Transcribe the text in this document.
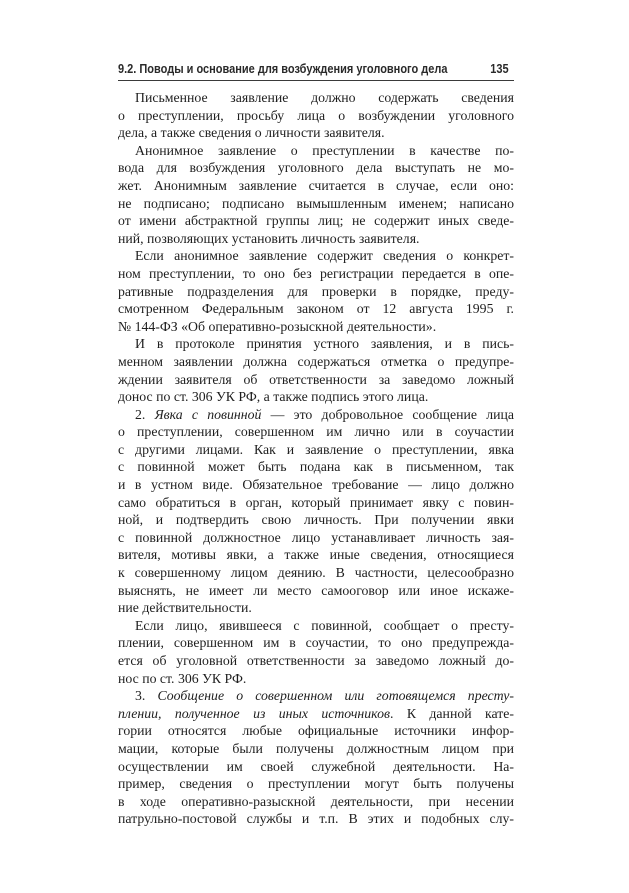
9.2. Поводы и основание для возбуждения уголовного дела	135
Письменное заявление должно содержать сведения
о преступлении, просьбу лица о возбуждении уголовного
дела, а также сведения о личности заявителя.
Анонимное заявление о преступлении в качестве по-
вода для возбуждения уголовного дела выступать не мо-
жет. Анонимным заявление считается в случае, если оно:
не подписано; подписано вымышленным именем; написано
от имени абстрактной группы лиц; не содержит иных сведе-
ний, позволяющих установить личность заявителя.
Если анонимное заявление содержит сведения о конкрет-
ном преступлении, то оно без регистрации передается в опе-
ративные подразделения для проверки в порядке, преду-
смотренном Федеральным законом от 12 августа 1995 г.
№ 144-ФЗ «Об оперативно-розыскной деятельности».
И в протоколе принятия устного заявления, и в пись-
менном заявлении должна содержаться отметка о предупре-
ждении заявителя об ответственности за заведомо ложный
донос по ст. 306 УК РФ, а также подпись этого лица.
2. Явка с повинной — это добровольное сообщение лица
о преступлении, совершенном им лично или в соучастии
с другими лицами. Как и заявление о преступлении, явка
с повинной может быть подана как в письменном, так
и в устном виде. Обязательное требование — лицо должно
само обратиться в орган, который принимает явку с повин-
ной, и подтвердить свою личность. При получении явки
с повинной должностное лицо устанавливает личность зая-
вителя, мотивы явки, а также иные сведения, относящиеся
к совершенному лицом деянию. В частности, целесообразно
выяснять, не имеет ли место самооговор или иное искаже-
ние действительности.
Если лицо, явившееся с повинной, сообщает о престу-
плении, совершенном им в соучастии, то оно предупрежда-
ется об уголовной ответственности за заведомо ложный до-
нос по ст. 306 УК РФ.
3. Сообщение о совершенном или готовящемся престу-
плении, полученное из иных источников. К данной кате-
гории относятся любые официальные источники инфор-
мации, которые были получены должностным лицом при
осуществлении им своей служебной деятельности. На-
пример, сведения о преступлении могут быть получены
в ходе оперативно-разыскной деятельности, при несении
патрульно-постовой службы и т.п. В этих и подобных слу-
